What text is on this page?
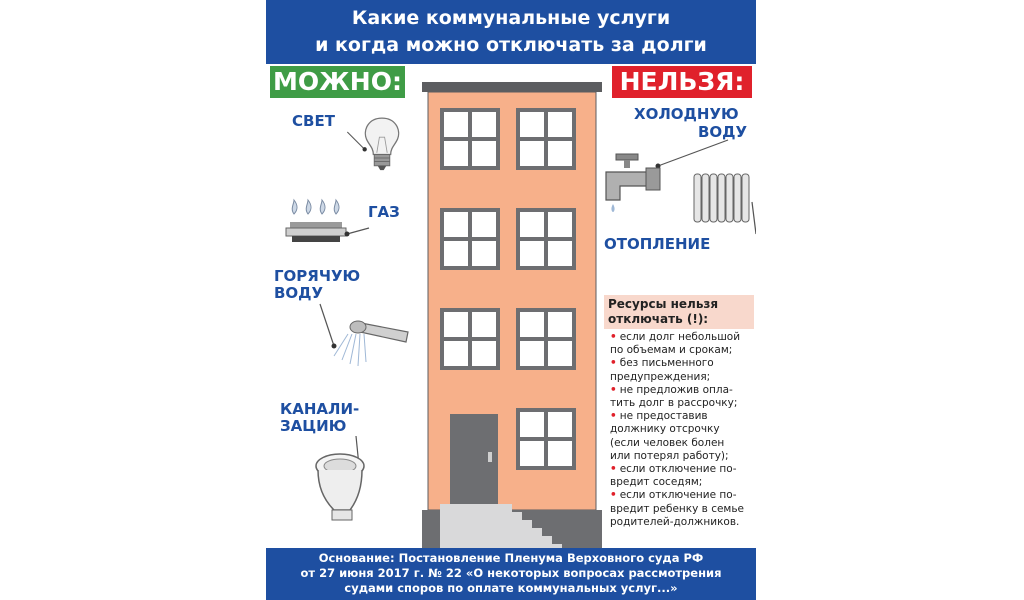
Какие коммунальные услуги
и когда можно отключать за долги
МОЖНО:	НЕЛЬЗЯ:
СВЕТ
ГАЗ
ГОРЯЧУЮ
ВОДУ
КАНАЛИ-
ЗАЦИЮ
ХОЛОДНУЮ
ВОДУ
ОТОПЛЕНИЕ
Ресурсы нельзя
отключать (!):
• если долг небольшой
по объемам и срокам;
• без письменного
предупреждения;
• не предложив опла-
тить долг в рассрочку;
• не предоставив
должнику отсрочку
(если человек болен
или потерял работу);
• если отключение по-
вредит соседям;
• если отключение по-
вредит ребенку в семье
родителей-должников.
Основание: Постановление Пленума Верховного суда РФ
от 27 июня 2017 г. № 22 «О некоторых вопросах рассмотрения
судами споров по оплате коммунальных услуг...»
